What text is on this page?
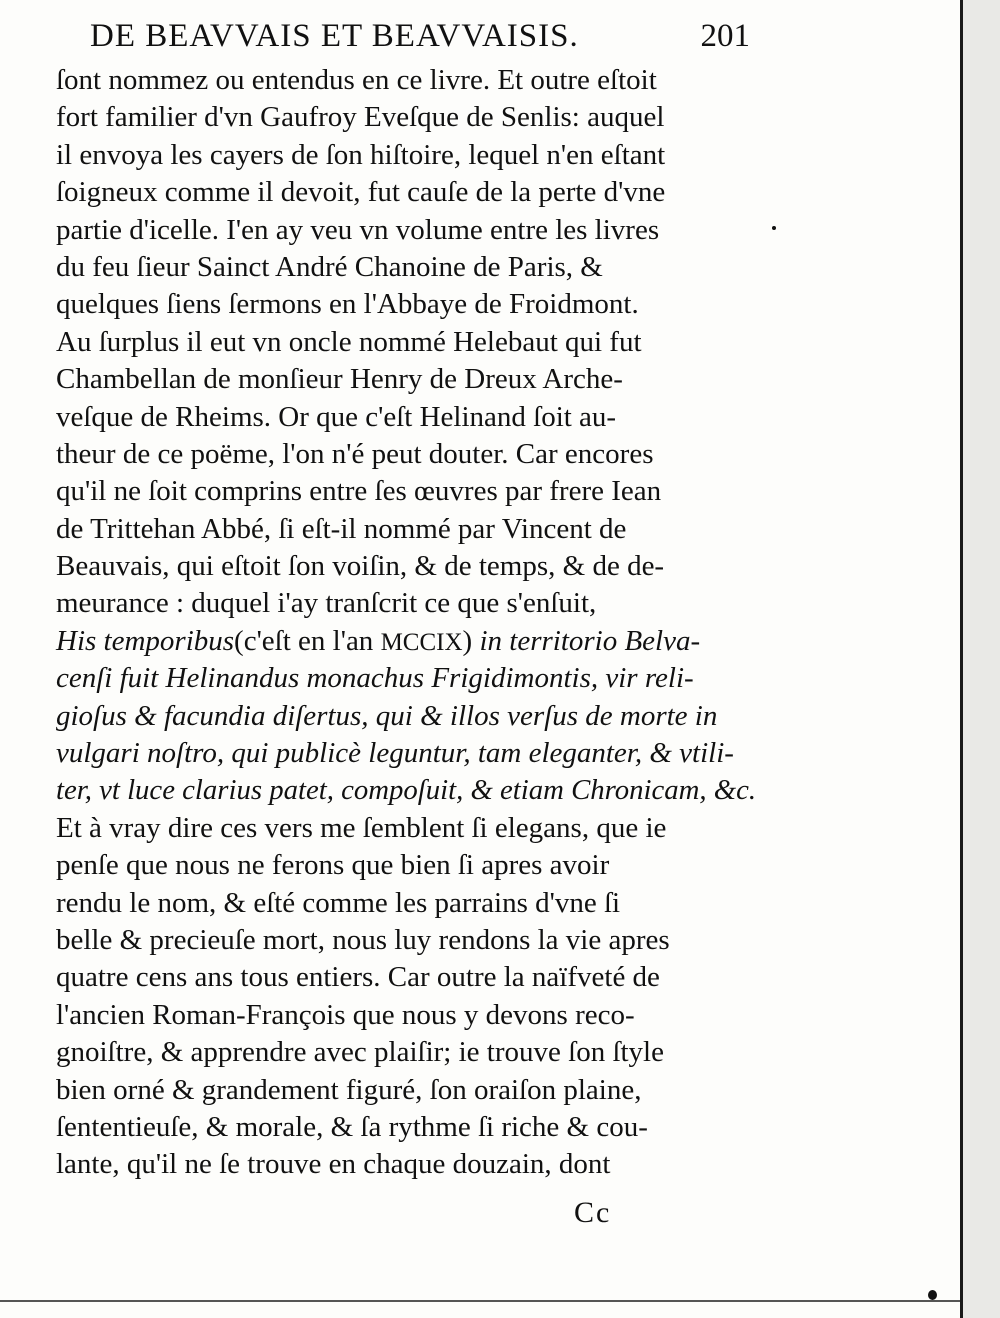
DE BEAVVAIS ET BEAVVAISIS.	201
ſont nommez ou entendus en ce livre. Et outre eſtoit
fort familier d'vn Gaufroy Eveſque de Senlis: auquel
il envoya les cayers de ſon hiſtoire, lequel n'en eſtant
ſoigneux comme il devoit, fut cauſe de la perte d'vne
partie d'icelle. I'en ay veu vn volume entre les livres
du feu ſieur Sainct André Chanoine de Paris, &
quelques ſiens ſermons en l'Abbaye de Froidmont.
Au ſurplus il eut vn oncle nommé Helebaut qui fut
Chambellan de monſieur Henry de Dreux Arche-
veſque de Rheims. Or que c'eſt Helinand ſoit au-
theur de ce poëme, l'on n'é peut douter. Car encores
qu'il ne ſoit comprins entre ſes œuvres par frere Iean
de Trittehan Abbé, ſi eſt-il nommé par Vincent de
Beauvais, qui eſtoit ſon voiſin, & de temps, & de de-
meurance : duquel i'ay tranſcrit ce que s'enſuit,
His temporibus(c'eſt en l'an MCCIX) in territorio Belva-
cenſi fuit Helinandus monachus Frigidimontis, vir reli-
gioſus & facundia diſertus, qui & illos verſus de morte in
vulgari noſtro, qui publicè leguntur, tam eleganter, & vtili-
ter, vt luce clarius patet, compoſuit, & etiam Chronicam, &c.
Et à vray dire ces vers me ſemblent ſi elegans, que ie
penſe que nous ne ferons que bien ſi apres avoir
rendu le nom, & eſté comme les parrains d'vne ſi
belle & precieuſe mort, nous luy rendons la vie apres
quatre cens ans tous entiers. Car outre la naïfveté de
l'ancien Roman-François que nous y devons reco-
gnoiſtre, & apprendre avec plaiſir; ie trouve ſon ſtyle
bien orné & grandement figuré, ſon oraiſon plaine,
ſententieuſe, & morale, & ſa rythme ſi riche & cou-
lante, qu'il ne ſe trouve en chaque douzain, dont
Cc
